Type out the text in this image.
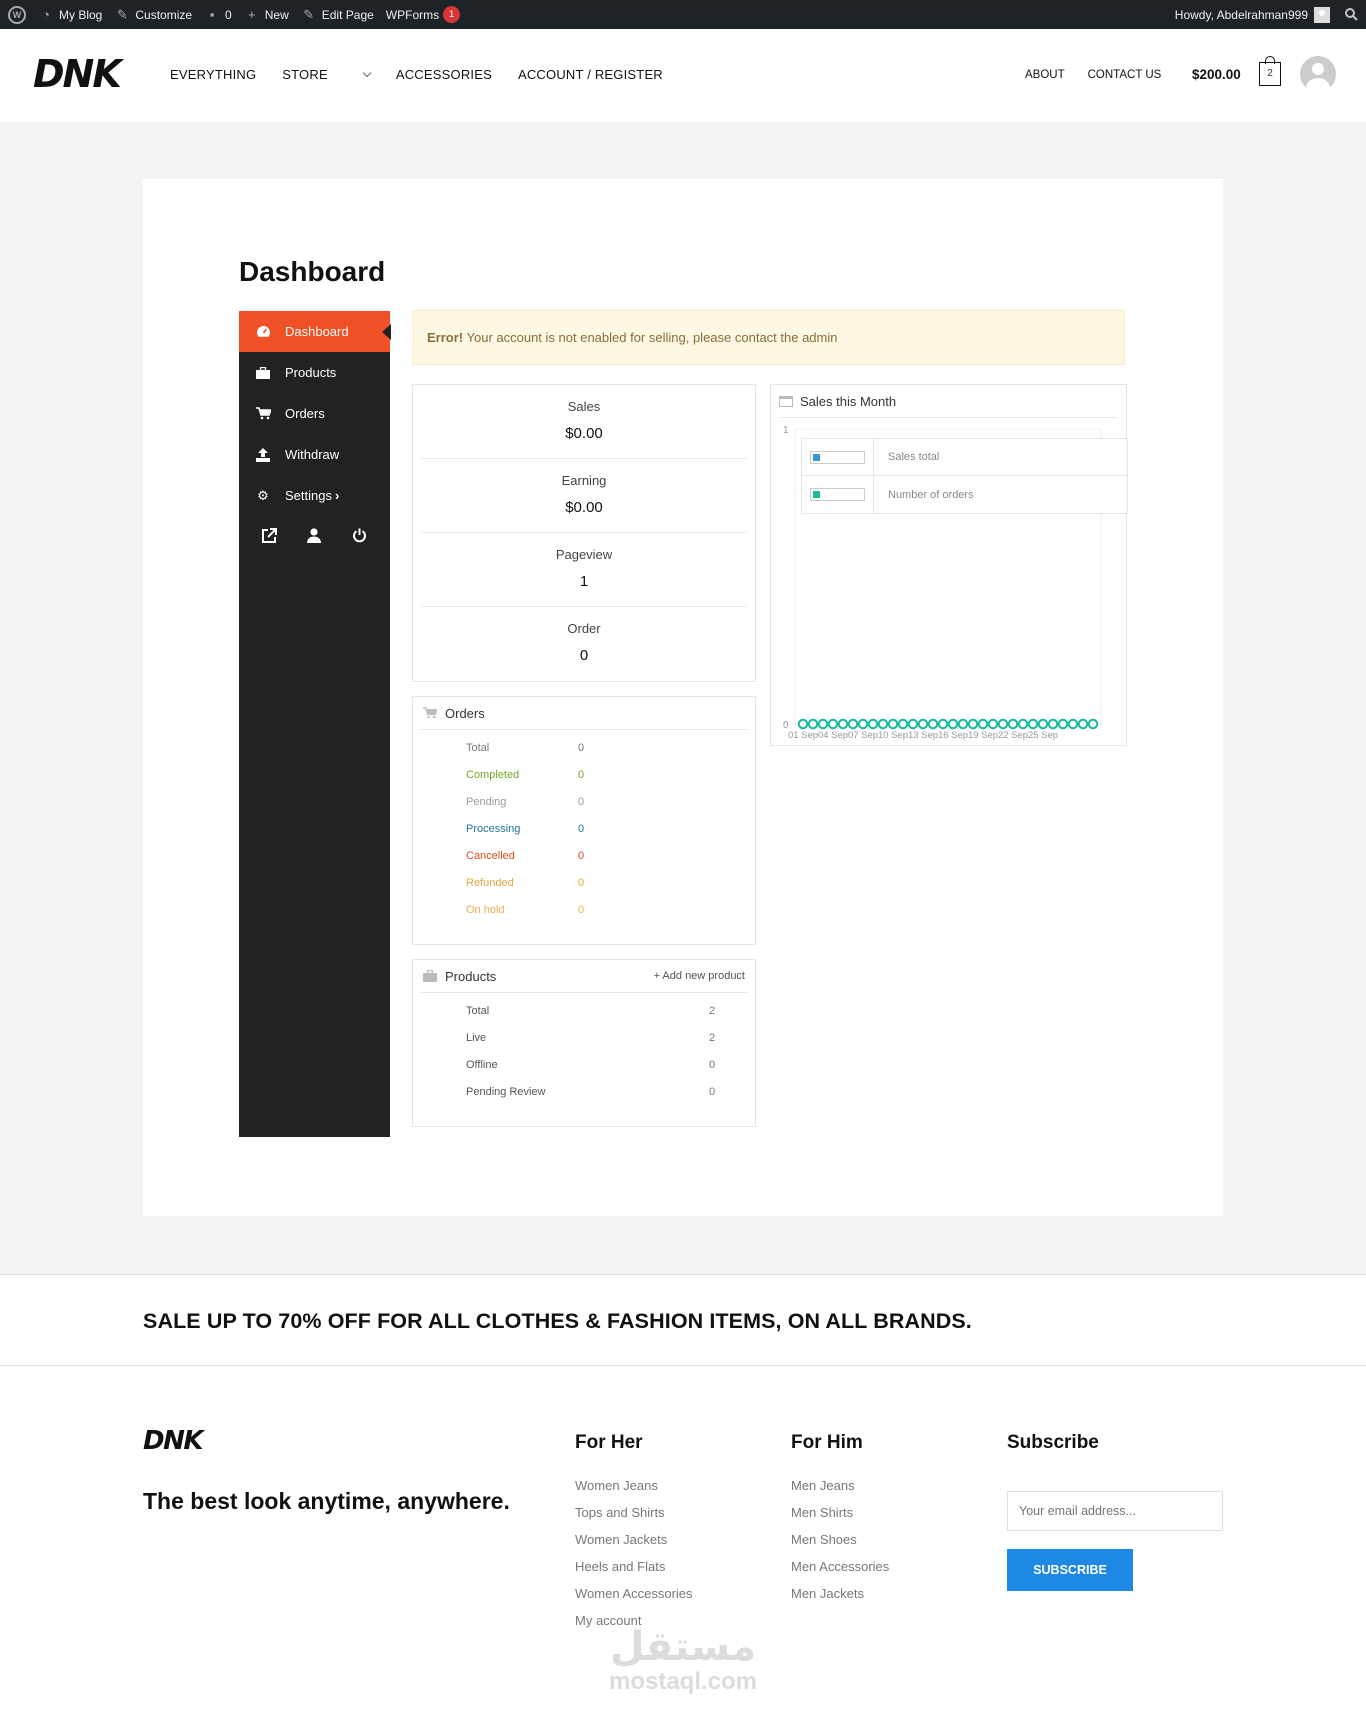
W
◔ My Blog ✎ Customize	▪ 0	+ New ✎ Edit Page WPForms	1	Howdy, Abdelrahman999
DNK	EVERYTHING STORE	ACCESSORIES ACCOUNT / REGISTER	ABOUT CONTACT US $200.00	2
Dashboard
Dashboard
Products
Orders
Withdraw
⚙ Settings ›
Error! Your account is not enabled for selling, please contact the admin
Sales
$0.00
Earning
$0.00
Pageview
1
Order
0
Orders
Total	0
Completed	0
Pending	0
Processing	0
Cancelled	0
Refunded	0
On hold	0
Products	+ Add new product
Total	2
Live	2
Offline	0
Pending Review	0
Sales this Month
0
1
01 Sep 04 Sep 07 Sep 10 Sep 13 Sep 16 Sep 19 Sep 22 Sep 25 Sep
Sales total
Number of orders
SALE UP TO 70% OFF FOR ALL CLOTHES & FASHION ITEMS, ON ALL BRANDS.
DNK
The best look anytime, anywhere.
For Her
Women Jeans
Tops and Shirts
Women Jackets
Heels and Flats
Women Accessories
My account
For Him
Men Jeans
Men Shirts
Men Shoes
Men Accessories
Men Jackets
Subscribe
Your email address...
SUBSCRIBE
مستقل
mostaql.com
